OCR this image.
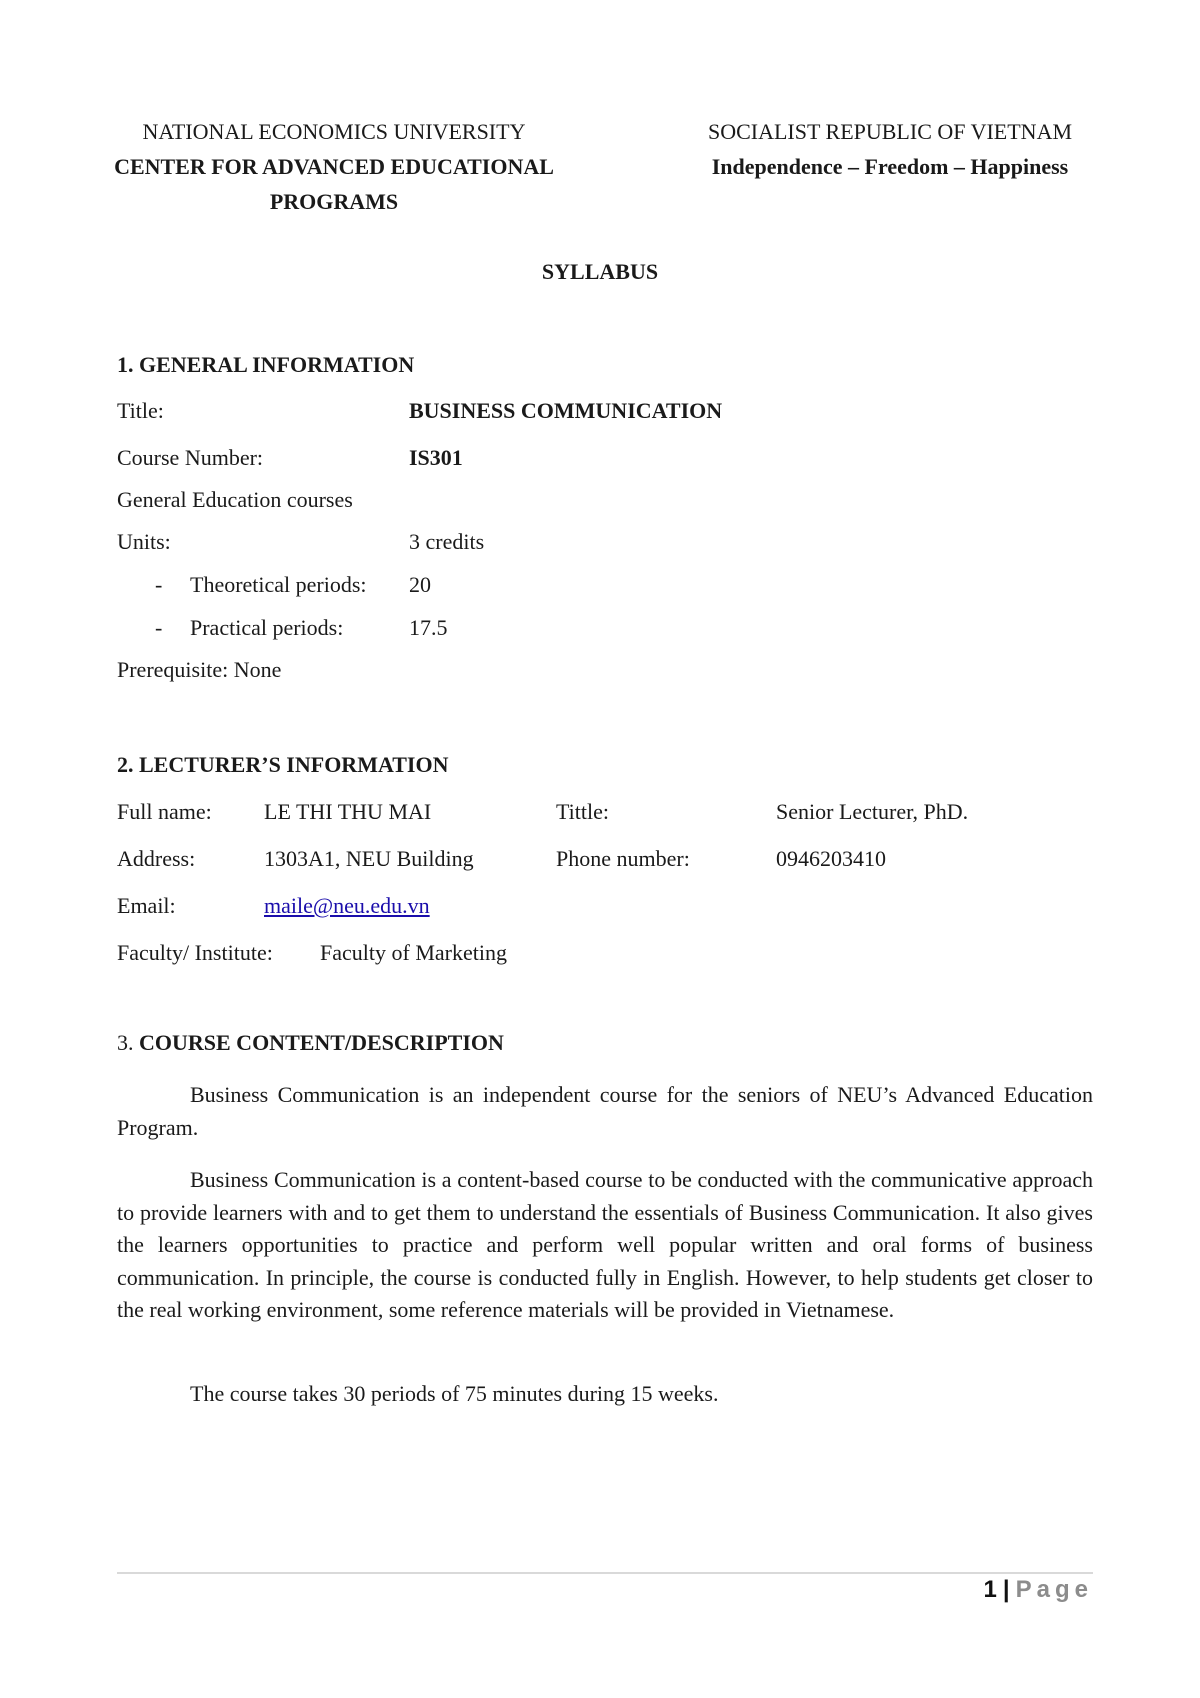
NATIONAL ECONOMICS UNIVERSITY
CENTER FOR ADVANCED EDUCATIONAL
PROGRAMS
SOCIALIST REPUBLIC OF VIETNAM
Independence – Freedom – Happiness
SYLLABUS
1. GENERAL INFORMATION
Title:	BUSINESS COMMUNICATION
Course Number:	IS301
General Education courses
Units:	3 credits
- Theoretical periods: 20
- Practical periods:	17.5
Prerequisite: None
2. LECTURER’S INFORMATION
Full name: LE THI THU MAI	Tittle:	Senior Lecturer, PhD.
Address:	1303A1, NEU Building	Phone number:	0946203410
Email:	maile@neu.edu.vn
Faculty/ Institute: Faculty of Marketing
3. COURSE CONTENT/DESCRIPTION
Business Communication is an independent course for the seniors of NEU’s Advanced Education Program.
Business Communication is a content-based course to be conducted with the communicative approach to provide learners with and to get them to understand the essentials of Business Communication. It also gives the learners opportunities to practice and perform well popular written and oral forms of business communication. In principle, the course is conducted fully in English. However, to help students get closer to the real working environment, some reference materials will be provided in Vietnamese.
The course takes 30 periods of 75 minutes during 15 weeks.
1 | Page
